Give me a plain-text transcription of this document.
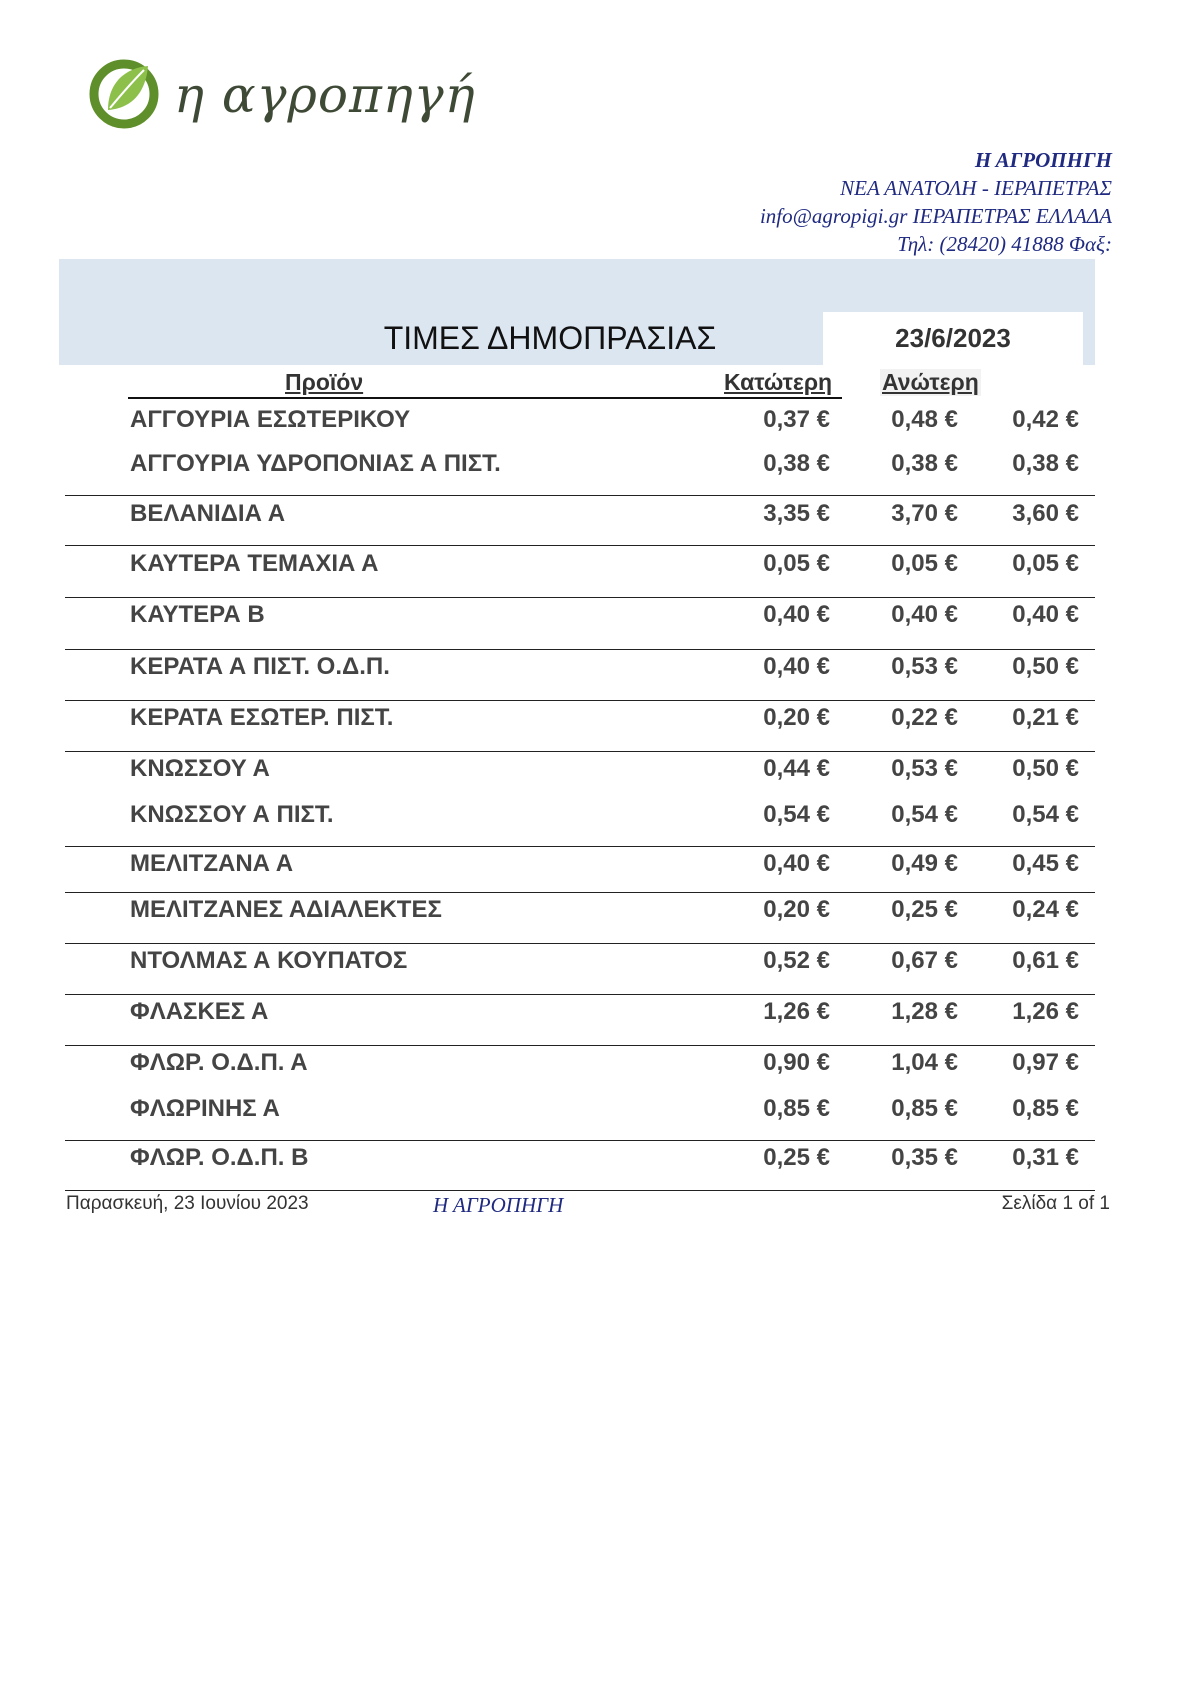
η αγροπηγή
Η ΑΓΡΟΠΗΓΗ
ΝΕΑ ΑΝΑΤΟΛΗ - ΙΕΡΑΠΕΤΡΑΣ
info@agropigi.gr ΙΕΡΑΠΕΤΡΑΣ ΕΛΛΑΔΑ
Τηλ: (28420) 41888 Φαξ:
ΤΙΜΕΣ ΔΗΜΟΠΡΑΣΙΑΣ	23/6/2023
Προϊόν	Κατώτερη Ανώτερη
ΑΓΓΟΥΡΙΑ ΕΣΩΤΕΡΙΚΟΥ	0,37 €	0,48 € 0,42 €
ΑΓΓΟΥΡΙΑ ΥΔΡΟΠΟΝΙΑΣ Α ΠΙΣΤ.	0,38 €	0,38 € 0,38 €
ΒΕΛΑΝΙΔΙΑ Α	3,35 €	3,70 € 3,60 €
ΚΑΥΤΕΡΑ ΤΕΜΑΧΙΑ Α	0,05 €	0,05 € 0,05 €
ΚΑΥΤΕΡΑ Β	0,40 €	0,40 € 0,40 €
ΚΕΡΑΤΑ Α ΠΙΣΤ. Ο.Δ.Π.	0,40 €	0,53 € 0,50 €
ΚΕΡΑΤΑ ΕΣΩΤΕΡ. ΠΙΣΤ.	0,20 €	0,22 € 0,21 €
ΚΝΩΣΣΟΥ Α	0,44 €	0,53 € 0,50 €
ΚΝΩΣΣΟΥ Α ΠΙΣΤ.	0,54 €	0,54 € 0,54 €
ΜΕΛΙΤΖΑΝΑ Α	0,40 €	0,49 € 0,45 €
ΜΕΛΙΤΖΑΝΕΣ ΑΔΙΑΛΕΚΤΕΣ	0,20 €	0,25 € 0,24 €
ΝΤΟΛΜΑΣ Α ΚΟΥΠΑΤΟΣ	0,52 €	0,67 € 0,61 €
ΦΛΑΣΚΕΣ Α	1,26 €	1,28 € 1,26 €
ΦΛΩΡ. Ο.Δ.Π. Α	0,90 €	1,04 € 0,97 €
ΦΛΩΡΙΝΗΣ Α	0,85 €	0,85 € 0,85 €
ΦΛΩΡ. Ο.Δ.Π. Β	0,25 €	0,35 € 0,31 €
Παρασκευή, 23 Ιουνίου 2023	Η ΑΓΡΟΠΗΓΗ	Σελίδα 1 of 1
